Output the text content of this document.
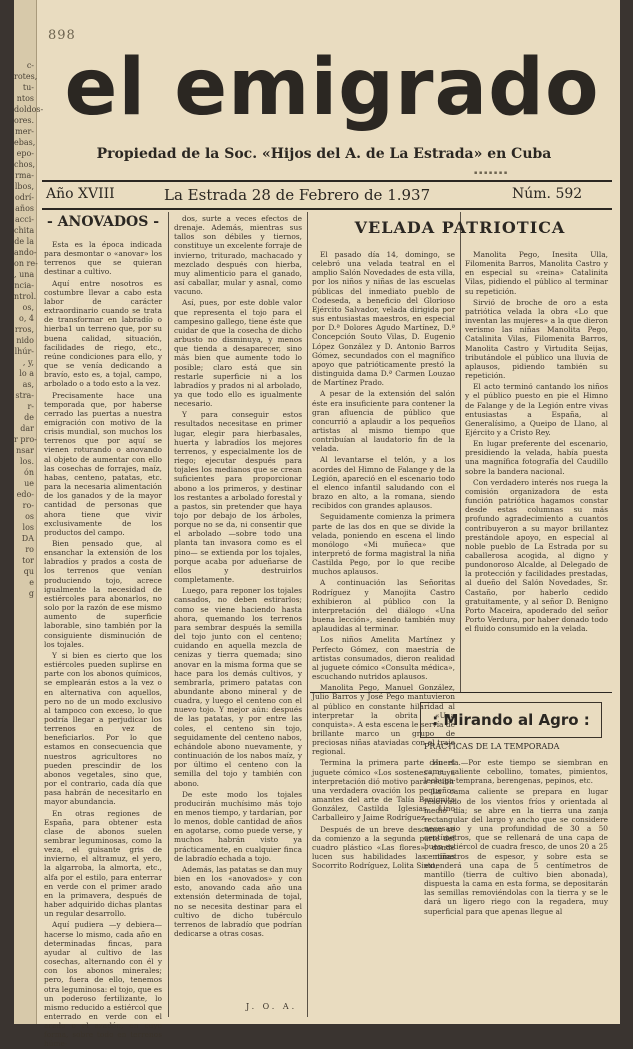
c-
rotes,
tu-
ntos
doldos-
ores.
mer-
ebas,
epo-
chos,
rma-
lbos,
odrí-
años
acci-
chita
de la
ando-
on re-
, una
ncia-
ntrol.
os,
o, 4
rros,
nido
lhúr-
, y,
lo a
as,
stra-
r-
de
dar
r pro-
nsar
los.
ón
ue
edo-
ro-
os
los
DA
ro
tor
qu
e
g
898
el emigrado
Propiedad de la Soc. «Hijos del A. de La Estrada» en Cuba
▪ ▪ ▪ ▪ ▪ ▪ ▪
Año XVIII	La Estrada 28 de Febrero de 1.937	Núm. 592
- ANOVADOS -

Esta es la época indicada para desmontar o «anovar» los terrenos que se quieran destinar a cultivo.

Aquí entre nosotros es costumbre llevar a cabo esta labor de carácter extraordinario cuando se trata de transformar en labradío o hierba1 un terreno que, por su buena calidad, situación, facilidades de riego, etc., reúne condiciones para ello, y que se venía dedicando a bravío, esto es, a tojal, campo, arbolado o a todo esto a la vez.

Precisamente hace una temporada que, por haberse cerrado las puertas a nuestra emigración con motivo de la crisis mundial, son muchos los terrenos que por aquí se vienen roturando o anovando al objeto de aumentar con ello las cosechas de forrajes, maíz, habas, centeno, patatas, etc. para la necesaria alimentación de los ganados y de la mayor cantidad de personas que ahora tiene que vivir exclusivamente de los productos del campo.

Bien pensado que, al ensanchar la extensión de los labradíos y prados a costa de los terrenos que venían produciendo tojo, acrece igualmente la necesidad de estiércoles para abonarlos, no solo por la razón de ese mismo aumento de superficie laborable, sino también por la consiguiente disminución de los tojales.

Y si bien es cierto que los estiércoles pueden suplirse en parte con los abonos químicos, se emplearán estos a la vez o en alternativa con aquellos, pero no de un modo exclusivo al tampoco con exceso, lo que podría llegar a perjudicar los terrenos en vez de beneficiarlos. Por lo que estamos en consecuencia que nuestros agricultores no pueden prescindir de los abonos vegetales, sino que, por el contrario, cada día que pasa habrán de necesitarlo en mayor abundancia.

En otras regiones de España, para obtener esta clase de abonos suelen sembrar leguminosas, como la veza, el guisante gris de invierno, el altramuz, el yero, la algarroba, la almorta, etc., alfa por el estilo, para enterrar en verde con el primer arado en la primavera, después de haber adquirido dichas plantas un regular desarrollo.

Aquí pudiera —y debiera— hacerse lo mismo, cada año en determinadas fincas, para ayudar al cultivo de las cosechas, alternando con él y con los abonos minerales; pero, fuera de ello, tenemos otra leguminosa: el tojo, que es un poderoso fertilizante, lo mismo reducido a estiércol que enterrado en verde con el arado o el azadón, en cuyo forma, sobre todo en terrenos húme-

dos, surte a veces efectos de drenaje. Además, mientras sus tallos son débiles y tiernos, constituye un excelente forraje de invierno, triturado, machacado y mezclado después con hierba, muy alimenticio para el ganado, así caballar, mular y asnal, como vacuno.

Así, pues, por este doble valor que representa el tojo para el campesino gallego, tiene éste que cuidar de que la cosecha de dicho arbusto no disminuya, y menos que tienda a desaparecer, sino más bien que aumente todo lo posible; claro está que sin restarle superficie ni a los labradíos y prados ni al arbolado, ya que todo ello es igualmente necesario.

Y para conseguir estos resultados necesitase en primer lugar, elegir para hierbasales, huerta y labradíos los mejores terrenos, y especialmente los de riego; ejecutar después para tojales los medianos que se crean suficientes para proporcionar abono a los primeros, y destinar los restantes a arbolado forestal y a pastos, sin pretender que haya tojo por debajo de los árboles, porque no se da, ni consentir que el arbolado —sobre todo una planta tan invasora como es el pino— se extienda por los tojales, porque acaba por adueñarse de ellos y destruirlos completamente.

Luego, para reponer los tojales cansados, no deben estirarlos; como se viene haciendo hasta ahora, quemando los terrenos para sembrar después la semilla del tojo junto con el centeno; cuidando en aquella mezcla de cenizas y tierra quemada; sino anovar en la misma forma que se hace para los demás cultivos, y sembrarla, primero patatas con abundante abono mineral y de cuadra, y luego el centeno con el nuevo tojo. Y mejor aún: después de las patatas, y por entre las coles, el centeno sin tojo, seguidamente del centeno nabos, echándole abono nuevamente, y continuación de los nabos maíz, y por último el centeno con la semilla del tojo y también con abono.

De este modo los tojales producirán muchísimo más tojo en menos tiempo, y tardarían, por lo menos, doble cantidad de años en agotarse, como puede verse, y muchos habrán visto ya prácticamente, en cualquier finca de labradío echada a tojo.

Además, las patatas se dan muy bien en los «anovados» y con esto, anovando cada año una extensión determinada de tojal, no se necesita destinar para el cultivo de dicho tubérculo terrenos de labradío que podrían dedicarse a otras cosas.

J. O. A.
VELADA PATRIOTICA

El pasado día 14, domingo, se celebró una velada teatral en el amplio Salón Novedades de esta villa, por los niños y niñas de las escuelas públicas del inmediato pueblo de Codeseda, a beneficio del Glorioso Ejército Salvador, velada dirigida por sus entusiastas maestros, en especial por D.ª Dolores Agudo Martínez, D.ª Concepción Souto Vilas, D. Eugenio López González y D. Antonio Barros Gómez, secundados con el magnífico apoyo que patrióticamente prestó la distinguida dama D.ª Carmen Louzao de Martínez Prado.

A pesar de la extensión del salón éste era insuficiente para contener la gran afluencia de público que concurrió a aplaudir a los pequeños artistas al mismo tiempo que contribuían al laudatorio fin de la velada.

Al levantarse el telón, y a los acordes del Himno de Falange y de la Legión, apareció en el escenario todo el elenco infantil saludando con el brazo en alto, a la romana, siendo recibidos con grandes aplausos.

Seguidamente comienza la primera parte de las dos en que se divide la velada, poniendo en escena el lindo monólogo «Mi muñeca» que interpretó de forma magistral la niña Castilda Pego, por lo que recibe muchos aplausos.

A continuación las Señoritas Rodríguez y Manojita Castro exhibieron al público con la interpretación del diálogo «Una buena lección», siendo también muy aplaudidas al terminar.

Los niños Amelita Martínez y Perfecto Gómez, con maestría de artistas consumados, dieron realidad al juguete cómico «Consulta médica», escuchando nutridos aplausos.

Manolita Pego, Manuel González, Julio Barros y José Pego mantuvieron al público en constante hilaridad al interpretar la obrita «Una conquista». A esta escena le servía de brillante marco un grupo de preciosas niñas ataviadas con el traje regional.

Termina la primera parte con el juguete cómico «Los sostenes», cuya interpretación dió motivo para recibir una verdadera ovación los pequeños amantes del arte de Talía Benignita González, Castilda Iglesias, Lino Carballeiro y Jaime Rodríguez.

Después de un breve descanso se da comienzo a la segunda parte del cuadro plástico «Las flores», donde lucen sus habilidades las niñas Socorrito Rodríguez, Lolita Sixto,

Manolita Pego, Inesita Ulla, Filomenita Barros, Manolita Castro y en especial su «reina» Catalinita Vilas, pidiendo el público al terminar su repetición.

Sirvió de broche de oro a esta patriótica velada la obra «Lo que inventan las mujeres» a la que dieron verismo las niñas Manolita Pego, Catalinita Vilas, Filomenita Barros, Manolita Castro y Virtudita Seijas, tributándole el público una lluvia de aplausos, pidiendo también su repetición.

El acto terminó cantando los niños y el público puesto en pie el Himno de Falange y de la Legión entre vivas entusiastas a España, al Generalísimo, a Queipo de Llano, al Ejército y a Cristo Rey.

En lugar preferente del escenario, presidiendo la velada, había puesta una magnífica fotografía del Caudillo sobre la bandera nacional.

Con verdadero interés nos ruega la comisión organizadora de esta función patriótica hagamos constar desde estas columnas su más profundo agradecimiento a cuantos contribuyeron a su mayor brillantez prestándole apoyo, en especial al noble pueblo de La Estrada por su caballerosa acogida, al digno y pundonoroso Alcalde, al Delegado de la protección y facilidades prestadas, al dueño del Salón Novedades, Sr. Castaño, por haberlo cedido gratuitamente, y al señor D. Benigno Porto Maceira, apoderado del señor Porto Verdura, por haber donado todo el fluido consumido en la velada.

: Mirando al Agro :
PRACTICAS DE LA TEMPORADA

Huerta.—Por este tiempo se siembran en cama caliente cebollino, tomates, pimientos, lechuga temprana, berengenas, pepinos, etc.

La cama caliente se prepara en lugar reservado de los vientos fríos y orientada al medio día; se abre en la tierra una zanja rectangular del largo y ancho que se considere necesario y una profundidad de 30 a 50 centímetros, que se rellenará de una capa de buen estiércol de cuadra fresco, de unos 20 a 25 centímetros de espesor, y sobre esta se extenderá una capa de 5 centímetros de mantillo (tierra de cultivo bien abonada), dispuesta la cama en esta forma, se depositarán las semillas removiéndolas con la tierra y se le dará un ligero riego con la regadera, muy superficial para que apenas llegue al
